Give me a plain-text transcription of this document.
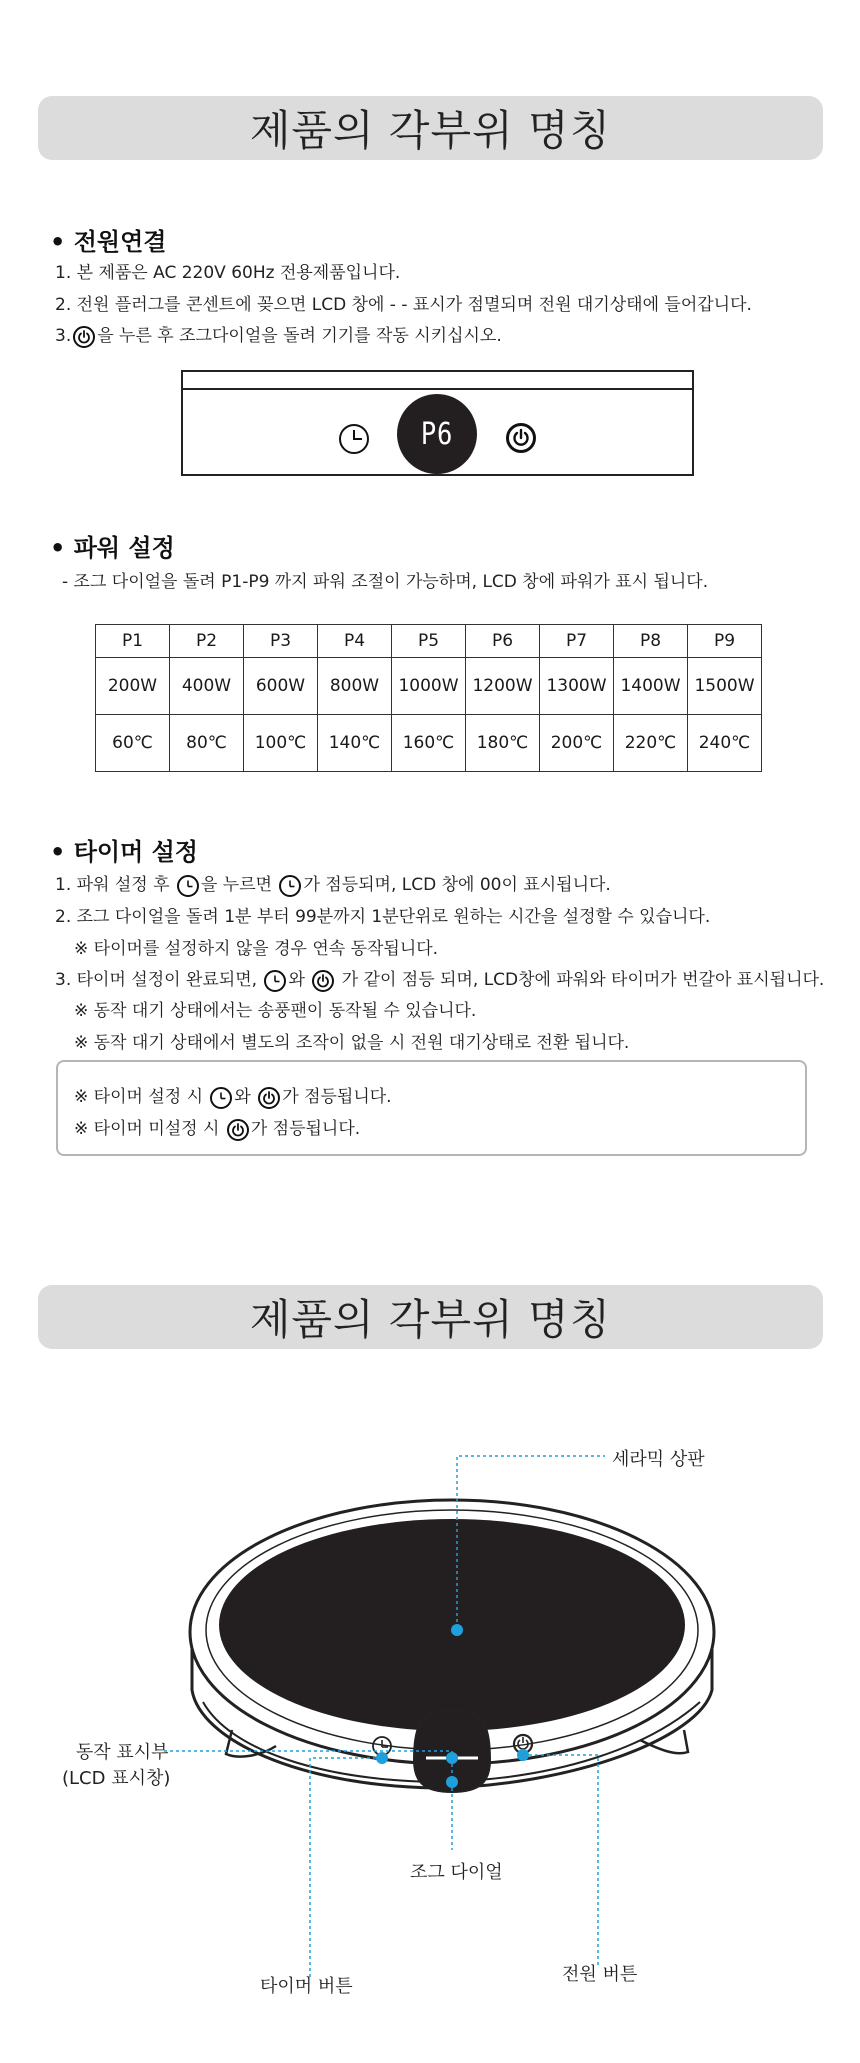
제품의 각부위 명칭
• 전원연결
1. 본 제품은 AC 220V 60Hz 전용제품입니다.
2. 전원 플러그를 콘센트에 꽂으면 LCD 창에 - - 표시가 점멸되며 전원 대기상태에 들어갑니다.
3. 을 누른 후 조그다이얼을 돌려 기기를 작동 시키십시오.
P6
• 파워 설정
- 조그 다이얼을 돌려 P1-P9 까지 파워 조절이 가능하며, LCD 창에 파워가 표시 됩니다.
P1	P2	P3	P4	P5	P6	P7	P8	P9
200W	400W	600W	800W	1000W	1200W	1300W	1400W	1500W
60℃	80℃	100℃	140℃	160℃	180℃	200℃	220℃	240℃
• 타이머 설정
1. 파워 설정 후 을 누르면 가 점등되며, LCD 창에 00이 표시됩니다.
2. 조그 다이얼을 돌려 1분 부터 99분까지 1분단위로 원하는 시간을 설정할 수 있습니다.
※ 타이머를 설정하지 않을 경우 연속 동작됩니다.
3. 타이머 설정이 완료되면, 와 가 같이 점등 되며, LCD창에 파워와 타이머가 번갈아 표시됩니다.
※ 동작 대기 상태에서는 송풍팬이 동작될 수 있습니다.
※ 동작 대기 상태에서 별도의 조작이 없을 시 전원 대기상태로 전환 됩니다.
※ 타이머 설정 시 와 가 점등됩니다.
※ 타이머 미설정 시 가 점등됩니다.
제품의 각부위 명칭
세라믹 상판
동작 표시부
(LCD 표시창)
조그 다이얼
타이머 버튼
전원 버튼
